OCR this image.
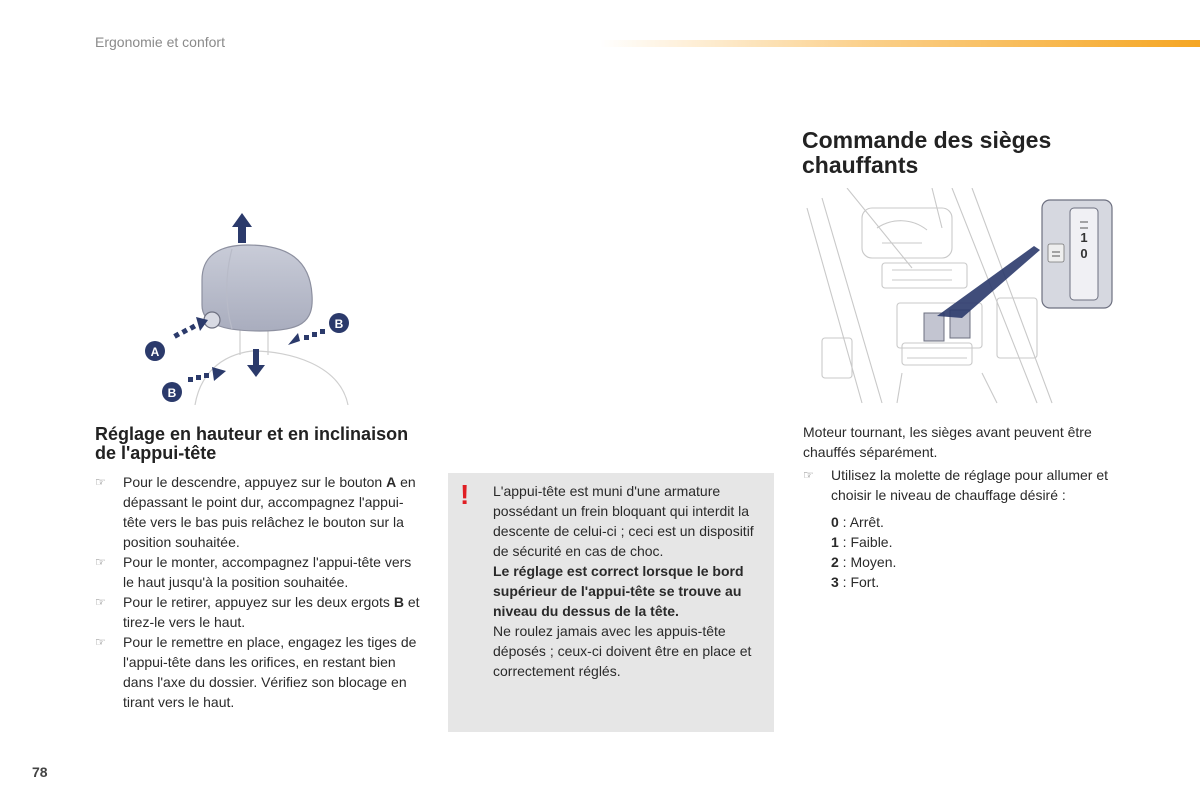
Ergonomie et confort
A
B
B
Réglage en hauteur et en inclinaison de l'appui-tête
☞ Pour le descendre, appuyez sur le bouton A en dépassant le point dur, accompagnez l'appui-tête vers le bas puis relâchez le bouton sur la position souhaitée.
☞ Pour le monter, accompagnez l'appui-tête vers le haut jusqu'à la position souhaitée.
☞ Pour le retirer, appuyez sur les deux ergots B et tirez-le vers le haut.
☞ Pour le remettre en place, engagez les tiges de l'appui-tête dans les orifices, en restant bien dans l'axe du dossier. Vérifiez son blocage en tirant vers le haut.
! L'appui-tête est muni d'une armature possédant un frein bloquant qui interdit la descente de celui-ci ; ceci est un dispositif de sécurité en cas de choc.

Le réglage est correct lorsque le bord supérieur de l'appui-tête se trouve au niveau du dessus de la tête.

Ne roulez jamais avec les appuis-tête déposés ; ceux-ci doivent être en place et correctement réglés.

Commande des sièges chauffants
1
0

Moteur tournant, les sièges avant peuvent être chauffés séparément.

☞ Utilisez la molette de réglage pour allumer et choisir le niveau de chauffage désiré :
0 : Arrêt.
1 : Faible.
2 : Moyen.
3 : Fort.
78
